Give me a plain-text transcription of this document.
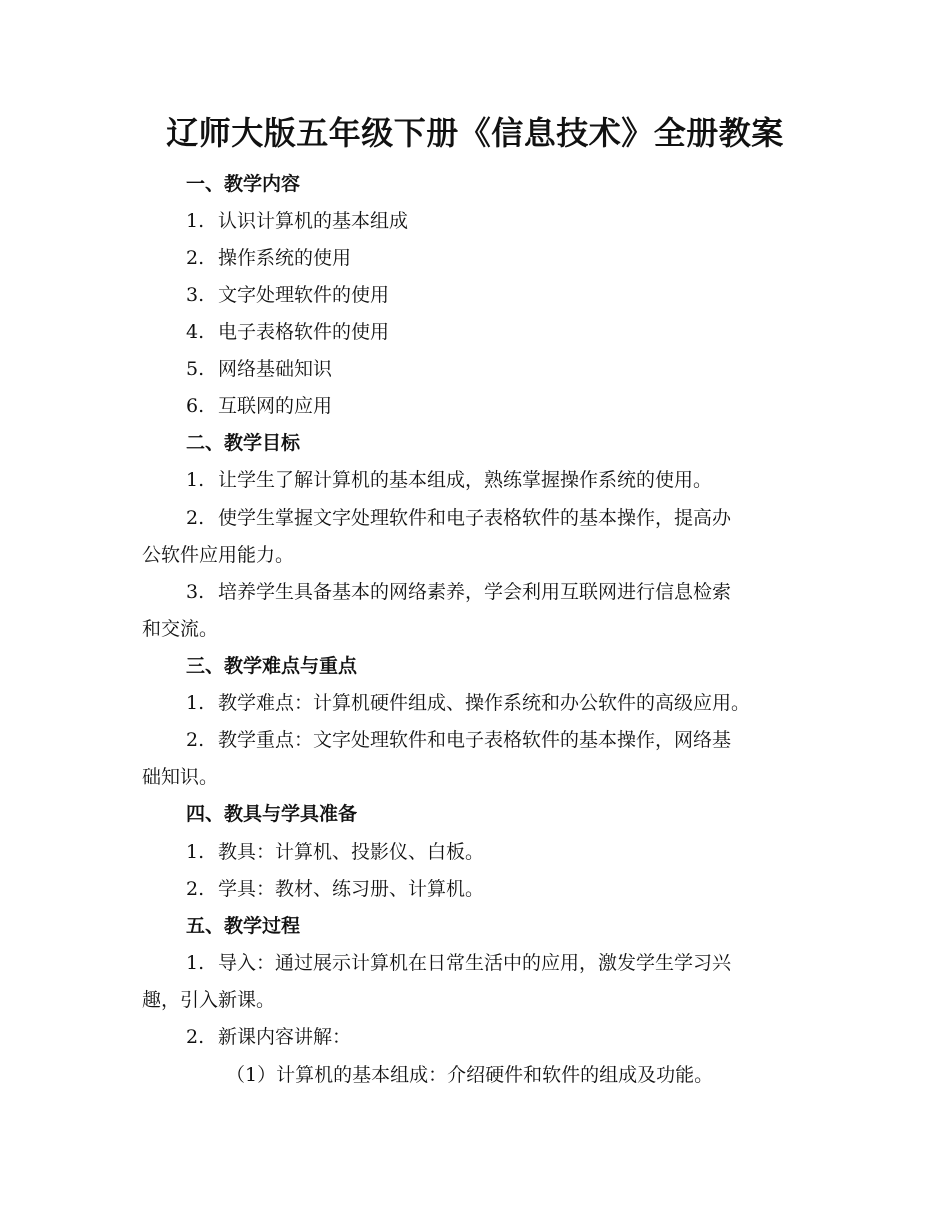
辽师大版五年级下册《信息技术》全册教案
一、教学内容
1. 认识计算机的基本组成
2. 操作系统的使用
3. 文字处理软件的使用
4. 电子表格软件的使用
5. 网络基础知识
6. 互联网的应用
二、教学目标
1. 让学生了解计算机的基本组成，熟练掌握操作系统的使用。
2. 使学生掌握文字处理软件和电子表格软件的基本操作，提高办
公软件应用能力。
3. 培养学生具备基本的网络素养，学会利用互联网进行信息检索
和交流。
三、教学难点与重点
1. 教学难点：计算机硬件组成、操作系统和办公软件的高级应用。
2. 教学重点：文字处理软件和电子表格软件的基本操作，网络基
础知识。
四、教具与学具准备
1. 教具：计算机、投影仪、白板。
2. 学具：教材、练习册、计算机。
五、教学过程
1. 导入：通过展示计算机在日常生活中的应用，激发学生学习兴
趣，引入新课。
2. 新课内容讲解：
（1）计算机的基本组成：介绍硬件和软件的组成及功能。
